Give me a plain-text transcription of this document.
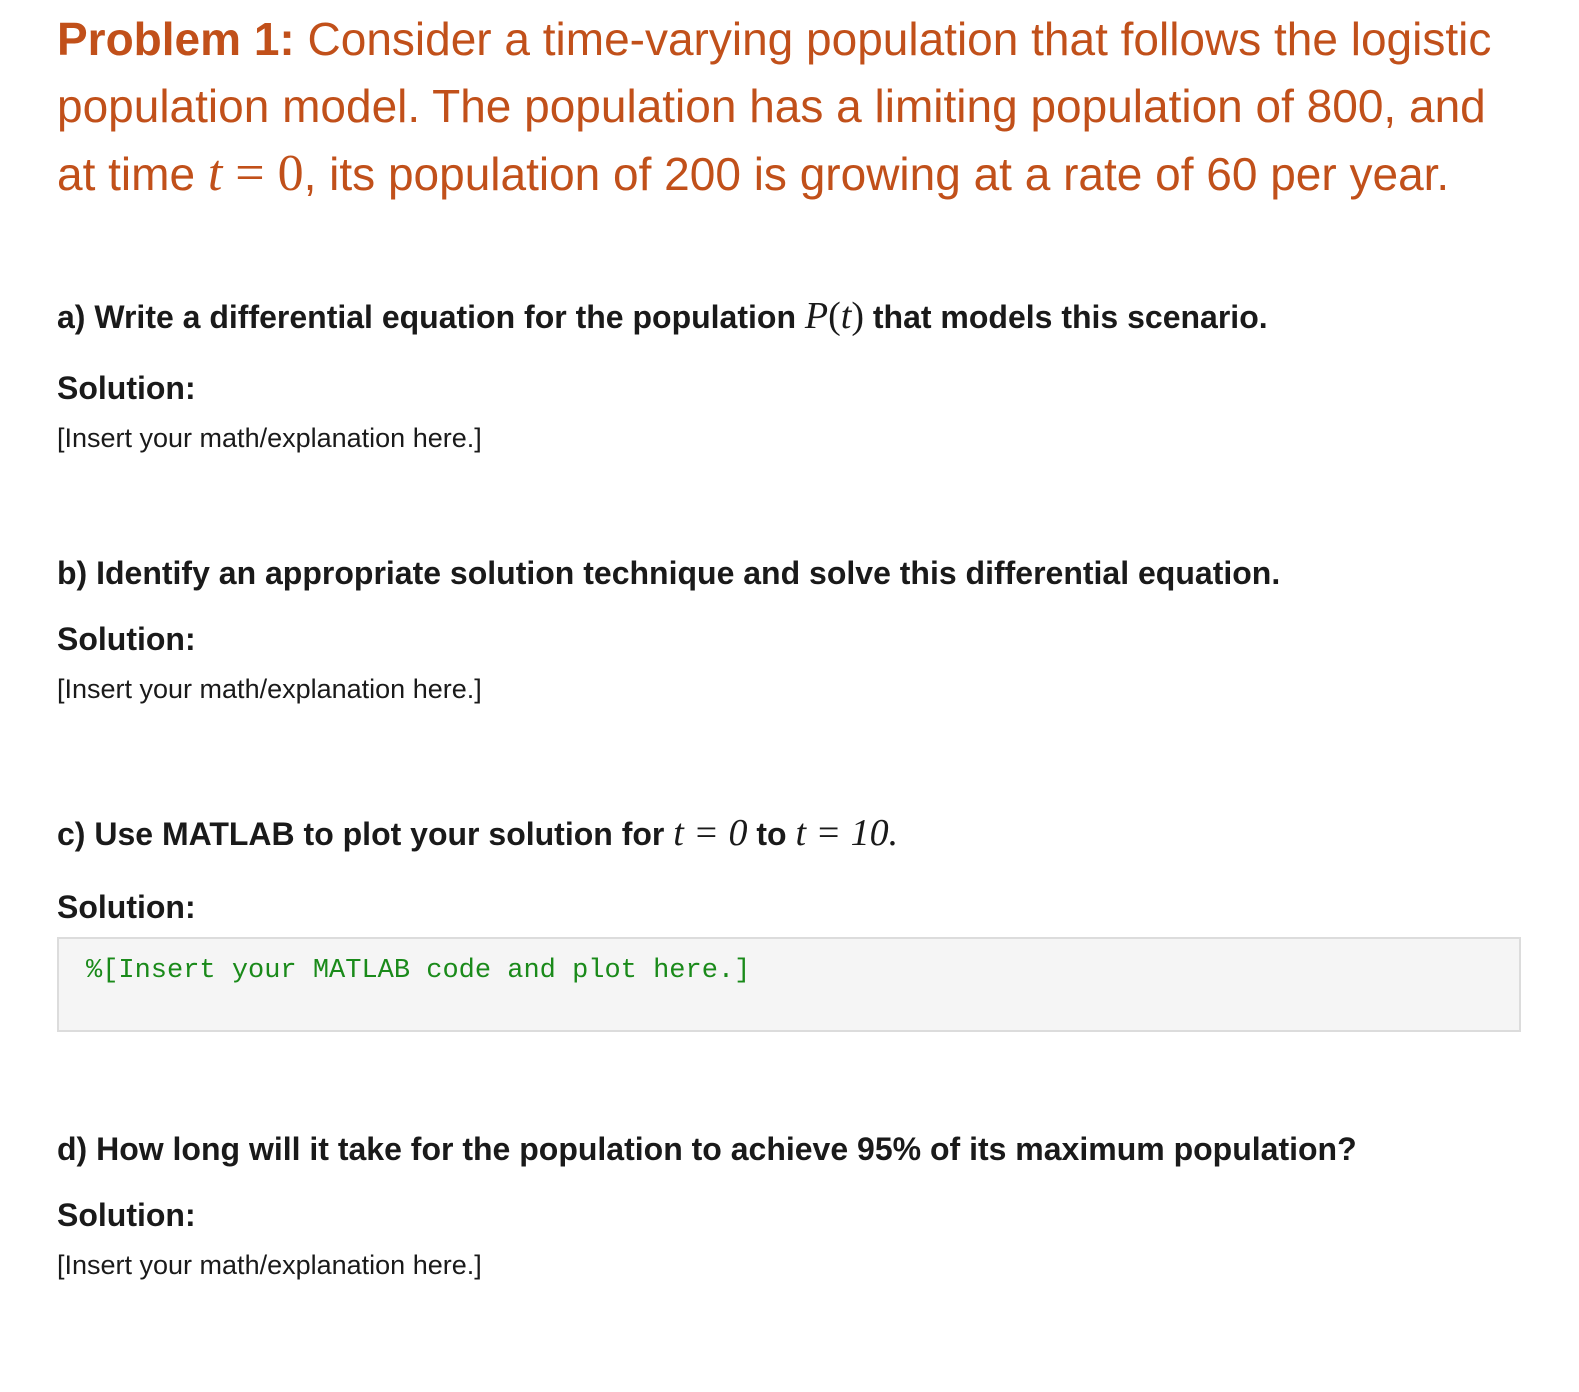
Problem 1: Consider a time-varying population that follows the logistic population model. The population has a limiting population of 800, and at time t = 0, its population of 200 is growing at a rate of 60 per year.

a) Write a differential equation for the population P(t) that models this scenario.

Solution:

[Insert your math/explanation here.]

b) Identify an appropriate solution technique and solve this differential equation.

Solution:

[Insert your math/explanation here.]

c) Use MATLAB to plot your solution for t = 0 to t = 10.

Solution:

%[Insert your MATLAB code and plot here.]

d) How long will it take for the population to achieve 95% of its maximum population?

Solution:

[Insert your math/explanation here.]
